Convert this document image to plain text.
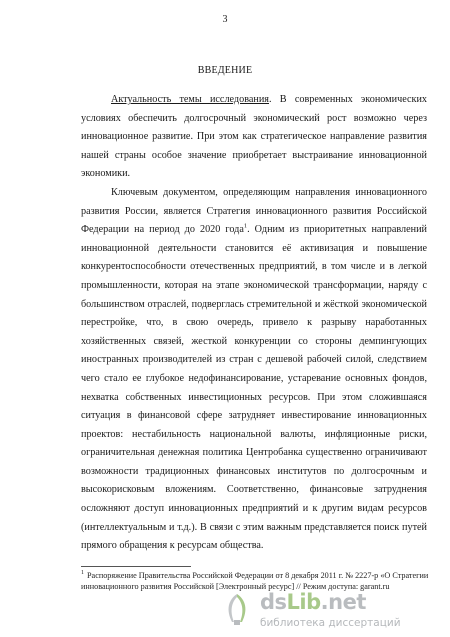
3
ВВЕДЕНИЕ

Актуальность темы исследования. В современных экономических условиях обеспечить долгосрочный экономический рост возможно через инновационное развитие. При этом как стратегическое направление развития нашей страны особое значение приобретает выстраивание инновационной экономики.

Ключевым документом, определяющим направления инновационного развития России, является Стратегия инновационного развития Российской Федерации на период до 2020 года$^1$. Одним из приоритетных направлений инновационной деятельности становится её активизация и повышение конкурентоспособности отечественных предприятий, в том числе и в легкой промышленности, которая на этапе экономической трансформации, наряду с большинством отраслей, подверглась стремительной и жёсткой экономической перестройке, что, в свою очередь, привело к разрыву наработанных хозяйственных связей, жесткой конкуренции со стороны демпингующих иностранных производителей из стран с дешевой рабочей силой, следствием чего стало ее глубокое недофинансирование, устаревание основных фондов, нехватка собственных инвестиционных ресурсов. При этом сложившаяся ситуация в финансовой сфере затрудняет инвестирование инновационных проектов: нестабильность национальной валюты, инфляционные риски, ограничительная денежная политика Центробанка существенно ограничивают возможности традиционных финансовых институтов по долгосрочным и высокорисковым вложениям. Соответственно, финансовые затруднения осложняют доступ инновационных предприятий и к другим видам ресурсов (интеллектуальным и т.д.). В связи с этим важным представляется поиск путей прямого обращения к ресурсам общества.

$^1$ Распоряжение Правительства Российской Федерации от 8 декабря 2011 г. № 2227-р «О Стратегии инновационного развития Российской [Электронный ресурс] // Режим доступа: garant.ru
dsLib.net
библиотека диссертаций
